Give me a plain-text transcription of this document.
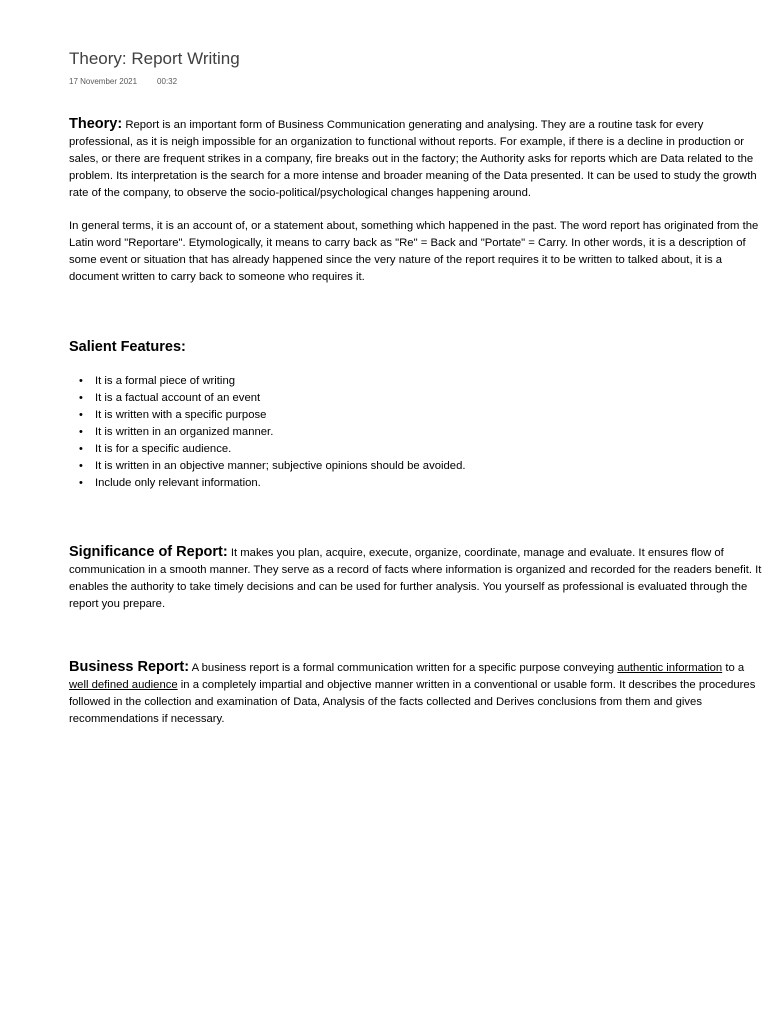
Theory: Report Writing
17 November 2021	00:32

Theory: Report is an important form of Business Communication generating and analysing. They are a routine task for every professional, as it is neigh impossible for an organization to functional without reports. For example, if there is a decline in production or sales, or there are frequent strikes in a company, fire breaks out in the factory; the Authority asks for reports which are Data related to the problem. Its interpretation is the search for a more intense and broader meaning of the Data presented. It can be used to study the growth rate of the company, to observe the socio-political/psychological changes happening around.

In general terms, it is an account of, or a statement about, something which happened in the past. The word report has originated from the Latin word "Reportare". Etymologically, it means to carry back as "Re" = Back and "Portate" = Carry. In other words, it is a description of some event or situation that has already happened since the very nature of the report requires it to be written to talked about, it is a document written to carry back to someone who requires it.

Salient Features:
• It is a formal piece of writing
• It is a factual account of an event
• It is written with a specific purpose
• It is written in an organized manner.
• It is for a specific audience.
• It is written in an objective manner; subjective opinions should be avoided.
• Include only relevant information.

Significance of Report: It makes you plan, acquire, execute, organize, coordinate, manage and evaluate. It ensures flow of communication in a smooth manner. They serve as a record of facts where information is organized and recorded for the readers benefit. It enables the authority to take timely decisions and can be used for further analysis. You yourself as professional is evaluated through the report you prepare.

Business Report: A business report is a formal communication written for a specific purpose conveying authentic information to a well defined audience in a completely impartial and objective manner written in a conventional or usable form. It describes the procedures followed in the collection and examination of Data, Analysis of the facts collected and Derives conclusions from them and gives recommendations if necessary.
